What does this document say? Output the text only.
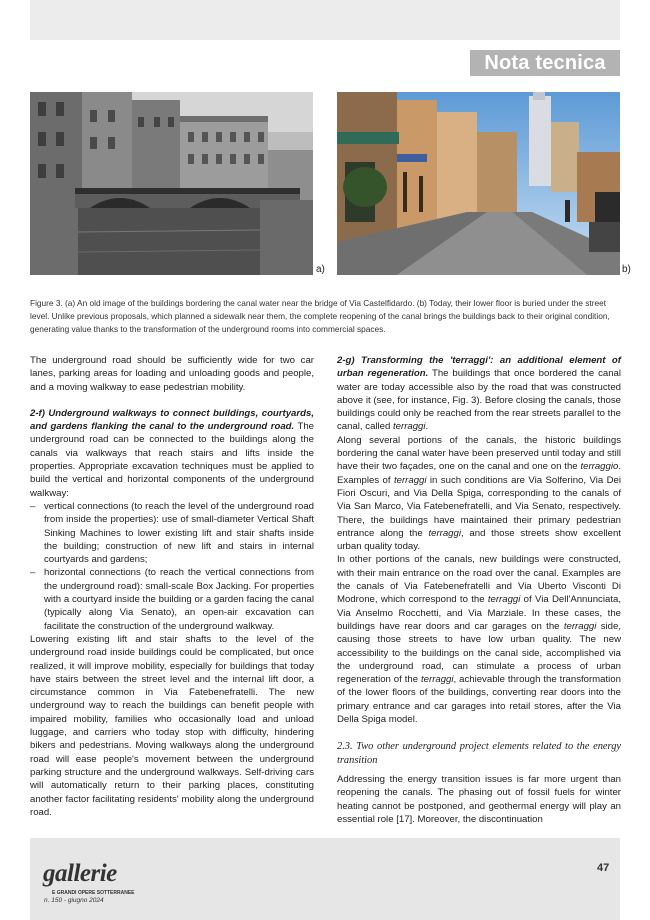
Nota tecnica
a)	b)

Figure 3. (a) An old image of the buildings bordering the canal water near the bridge of Via Castelfidardo. (b) Today, their lower floor is buried under the street level. Unlike previous proposals, which planned a sidewalk near them, the complete reopening of the canal brings the buildings back to their original condition, generating value thanks to the transformation of the underground rooms into commercial spaces.

The underground road should be sufficiently wide for two car lanes, parking areas for loading and unloading goods and people, and a moving walkway to ease pedestrian mobility.

2-f) Underground walkways to connect buildings, courtyards, and gardens flanking the canal to the underground road. The underground road can be connected to the buildings along the canals via walkways that reach stairs and lifts inside the properties. Appropriate excavation techniques must be applied to build the vertical and horizontal components of the underground walkway:

– vertical connections (to reach the level of the underground road from inside the properties): use of small-diameter Vertical Shaft Sinking Machines to lower existing lift and stair shafts inside the building; construction of new lift and stairs in internal courtyards and gardens;
– horizontal connections (to reach the vertical connections from the underground road): small-scale Box Jacking. For properties with a courtyard inside the building or a garden facing the canal (typically along Via Senato), an open-air excavation can facilitate the construction of the underground walkway.

Lowering existing lift and stair shafts to the level of the underground road inside buildings could be complicated, but once realized, it will improve mobility, especially for buildings that today have stairs between the street level and the internal lift door, a circumstance common in Via Fatebenefratelli. The new underground way to reach the buildings can benefit people with impaired mobility, families who occasionally load and unload luggage, and carriers who today stop with difficulty, hindering bikers and pedestrians. Moving walkways along the underground road will ease people's movement between the underground parking structure and the underground walkways. Self-driving cars will automatically return to their parking places, constituting another factor facilitating residents' mobility along the underground road.

2-g) Transforming the 'terraggi': an additional element of urban regeneration. The buildings that once bordered the canal water are today accessible also by the road that was constructed above it (see, for instance, Fig. 3). Before closing the canals, those buildings could only be reached from the rear streets parallel to the canal, called terraggi.

Along several portions of the canals, the historic buildings bordering the canal water have been preserved until today and still have their two façades, one on the canal and one on the terraggio. Examples of terraggi in such conditions are Via Solferino, Via Dei Fiori Oscuri, and Via Della Spiga, corresponding to the canals of Via San Marco, Via Fatebenefratelli, and Via Senato, respectively. There, the buildings have maintained their primary pedestrian entrance along the terraggi, and those streets show excellent urban quality today.

In other portions of the canals, new buildings were constructed, with their main entrance on the road over the canal. Examples are the canals of Via Fatebenefratelli and Via Uberto Visconti Di Modrone, which correspond to the terraggi of Via Dell'Annunciata, Via Anselmo Rocchetti, and Via Marziale. In these cases, the buildings have rear doors and car garages on the terraggi side, causing those streets to have low urban quality. The new accessibility to the buildings on the canal side, accomplished via the underground road, can stimulate a process of urban regeneration of the terraggi, achievable through the transformation of the lower floors of the buildings, converting rear doors into the primary entrance and car garages into retail stores, after the Via Della Spiga model.

2.3. Two other underground project elements related to the energy transition

Addressing the energy transition issues is far more urgent than reopening the canals. The phasing out of fossil fuels for winter heating cannot be postponed, and geothermal energy will play an essential role [17]. Moreover, the discontinuation

gallerie
E GRANDI OPERE SOTTERRANEE
n. 150 - giugno 2024
47
